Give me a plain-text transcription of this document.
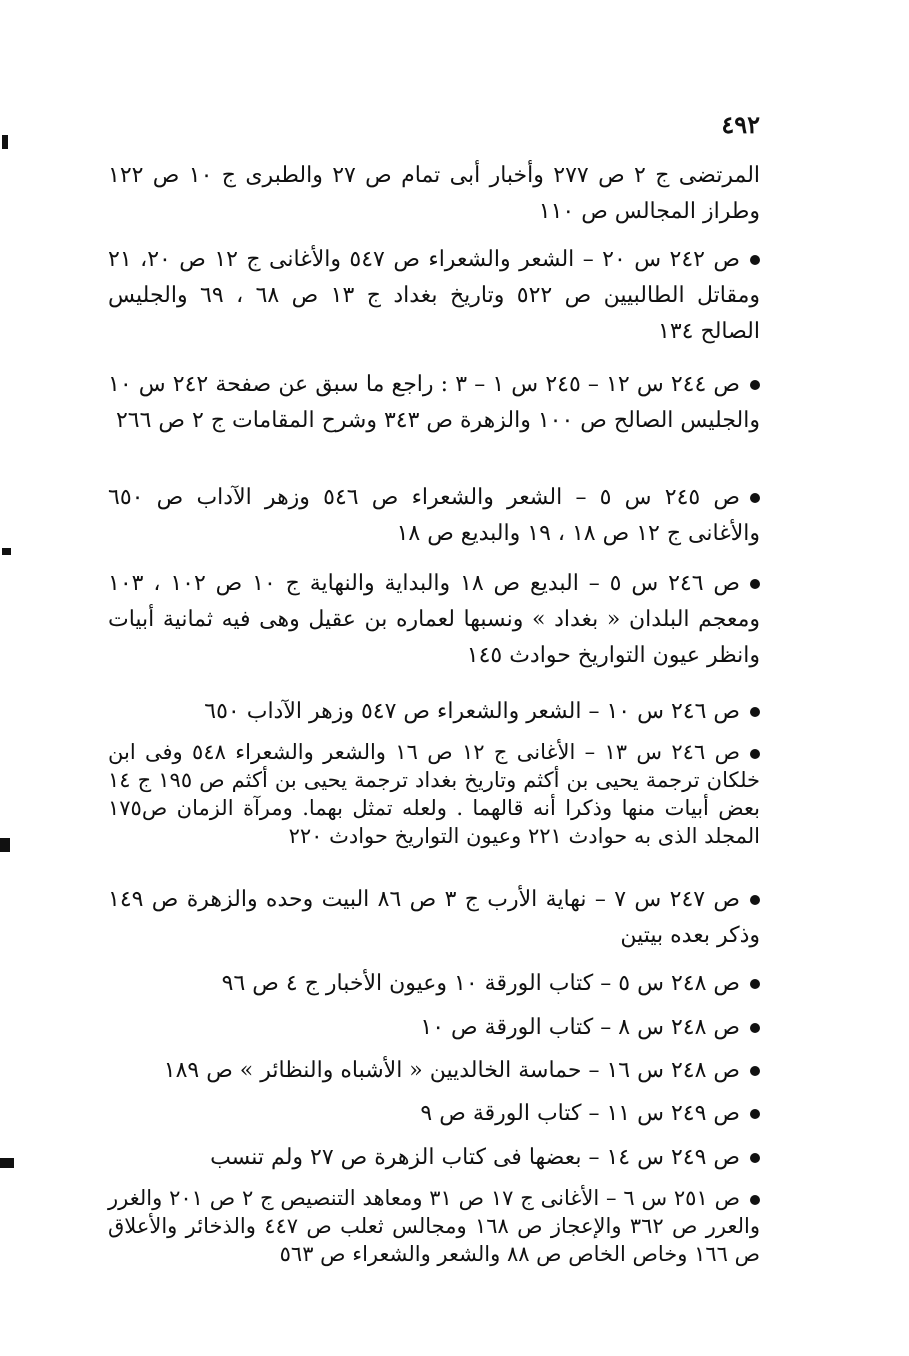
٤٩٢
المرتضى ج ٢ ص ٢٧٧ وأخبار أبى تمام ص ٢٧ والطبرى ج ١٠ ص ١٢٢ وطراز المجالس ص ١١٠
ص ٢٤٢ س ٢٠ – الشعر والشعراء ص ٥٤٧ والأغانى ج ١٢ ص ٢٠، ٢١ ومقاتل الطالبيين ص ٥٢٢ وتاريخ بغداد ج ١٣ ص ٦٨ ، ٦٩ والجليس الصالح ١٣٤
ص ٢٤٤ س ١٢ – ٢٤٥ س ١ – ٣ : راجع ما سبق عن صفحة ٢٤٢ س ١٠ والجليس الصالح ص ١٠٠ والزهرة ص ٣٤٣ وشرح المقامات ج ٢ ص ٢٦٦
ص ٢٤٥ س ٥ – الشعر والشعراء ص ٥٤٦ وزهر الآداب ص ٦٥٠ والأغانى ج ١٢ ص ١٨ ، ١٩ والبديع ص ١٨
ص ٢٤٦ س ٥ – البديع ص ١٨ والبداية والنهاية ج ١٠ ص ١٠٢ ، ١٠٣ ومعجم البلدان « بغداد » ونسبها لعماره بن عقيل وهى فيه ثمانية أبيات وانظر عيون التواريخ حوادث ١٤٥
ص ٢٤٦ س ١٠ – الشعر والشعراء ص ٥٤٧ وزهر الآداب ٦٥٠
ص ٢٤٦ س ١٣ – الأغانى ج ١٢ ص ١٦ والشعر والشعراء ٥٤٨ وفى ابن خلكان ترجمة يحيى بن أكثم وتاريخ بغداد ترجمة يحيى بن أكثم ص ١٩٥ ج ١٤ بعض أبيات منها وذكرا أنه قالهما . ولعله تمثل بهما. ومرآة الزمان ص١٧٥ المجلد الذى به حوادث ٢٢١ وعيون التواريخ حوادث ٢٢٠
ص ٢٤٧ س ٧ – نهاية الأرب ج ٣ ص ٨٦ البيت وحده والزهرة ص ١٤٩ وذكر بعده بيتين
ص ٢٤٨ س ٥ – كتاب الورقة ١٠ وعيون الأخبار ج ٤ ص ٩٦
ص ٢٤٨ س ٨ – كتاب الورقة ص ١٠
ص ٢٤٨ س ١٦ – حماسة الخالديين « الأشباه والنظائر » ص ١٨٩
ص ٢٤٩ س ١١ – كتاب الورقة ص ٩
ص ٢٤٩ س ١٤ – بعضها فى كتاب الزهرة ص ٢٧ ولم تنسب
ص ٢٥١ س ٦ – الأغانى ج ١٧ ص ٣١ ومعاهد التنصيص ج ٢ ص ٢٠١ والغرر والعرر ص ٣٦٢ والإعجاز ص ١٦٨ ومجالس ثعلب ص ٤٤٧ والذخائر والأعلاق ص ١٦٦ وخاص الخاص ص ٨٨ والشعر والشعراء ص ٥٦٣
